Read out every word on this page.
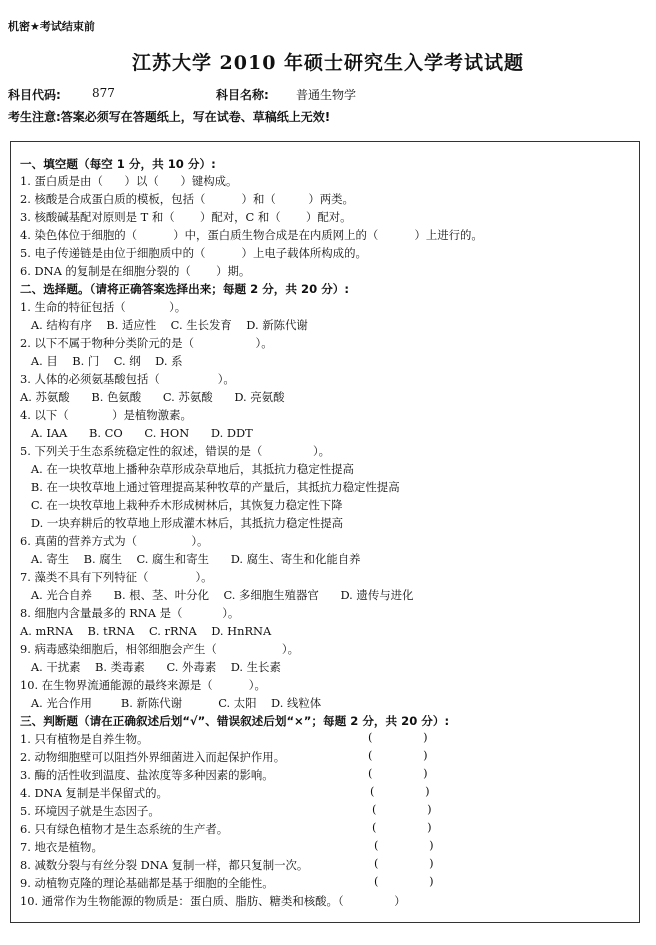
机密★考试结束前
江苏大学 2010 年硕士研究生入学考试试题
科目代码:	877	科目名称: 普通生物学
考生注意:答案必须写在答题纸上，写在试卷、草稿纸上无效!
一、填空题（每空 1 分，共 10 分）:
1. 蛋白质是由（      ）以（      ）键构成。
2. 核酸是合成蛋白质的模板，包括（          ）和（         ）两类。
3. 核酸碱基配对原则是 T 和（       ）配对，C 和（       ）配对。
4. 染色体位于细胞的（          ）中，蛋白质生物合成是在内质网上的（          ）上进行的。
5. 电子传递链是由位于细胞质中的（          ）上电子载体所构成的。
6. DNA 的复制是在细胞分裂的（       ）期。
二、选择题。（请将正确答案选择出来；每题 2 分，共 20 分）:
1. 生命的特征包括（            ）。
A. 结构有序    B. 适应性    C. 生长发育    D. 新陈代谢
2. 以下不属于物种分类阶元的是（                 ）。
A. 目    B. 门    C. 纲    D. 系
3. 人体的必须氨基酸包括（                ）。
A. 苏氨酸      B. 色氨酸      C. 苏氨酸      D. 亮氨酸
4. 以下（            ）是植物激素。
A. IAA      B. CO      C. HON      D. DDT
5. 下列关于生态系统稳定性的叙述，错误的是（              ）。
A. 在一块牧草地上播种杂草形成杂草地后，其抵抗力稳定性提高
B. 在一块牧草地上通过管理提高某种牧草的产量后，其抵抗力稳定性提高
C. 在一块牧草地上栽种乔木形成树林后，其恢复力稳定性下降
D. 一块弃耕后的牧草地上形成灌木林后，其抵抗力稳定性提高
6. 真菌的营养方式为（               ）。
A. 寄生    B. 腐生    C. 腐生和寄生      D. 腐生、寄生和化能自养
7. 藻类不具有下列特征（             ）。
A. 光合自养      B. 根、茎、叶分化    C. 多细胞生殖器官      D. 遗传与进化
8. 细胞内含量最多的 RNA 是（           ）。
A. mRNA    B. tRNA    C. rRNA    D. HnRNA
9. 病毒感染细胞后，相邻细胞会产生（                  ）。
A. 干扰素    B. 类毒素      C. 外毒素    D. 生长素
10. 在生物界流通能源的最终来源是（          ）。
A. 光合作用        B. 新陈代谢          C. 太阳    D. 线粒体
三、判断题（请在正确叙述后划“√”、错误叙述后划“×”；每题 2 分，共 20 分）:
1. 只有植物是自养生物。
2. 动物细胞壁可以阻挡外界细菌进入而起保护作用。
3. 酶的活性收到温度、盐浓度等多种因素的影响。
4. DNA 复制是半保留式的。
5. 环境因子就是生态因子。
6. 只有绿色植物才是生态系统的生产者。
7. 地衣是植物。
8. 减数分裂与有丝分裂 DNA 复制一样，都只复制一次。
9. 动植物克隆的理论基础都是基于细胞的全能性。
10. 通常作为生物能源的物质是：蛋白质、脂肪、糖类和核酸。（              ）
(              )
(              )
(              )
(              )
(              )
(              )
(              )
(              )
(              )
